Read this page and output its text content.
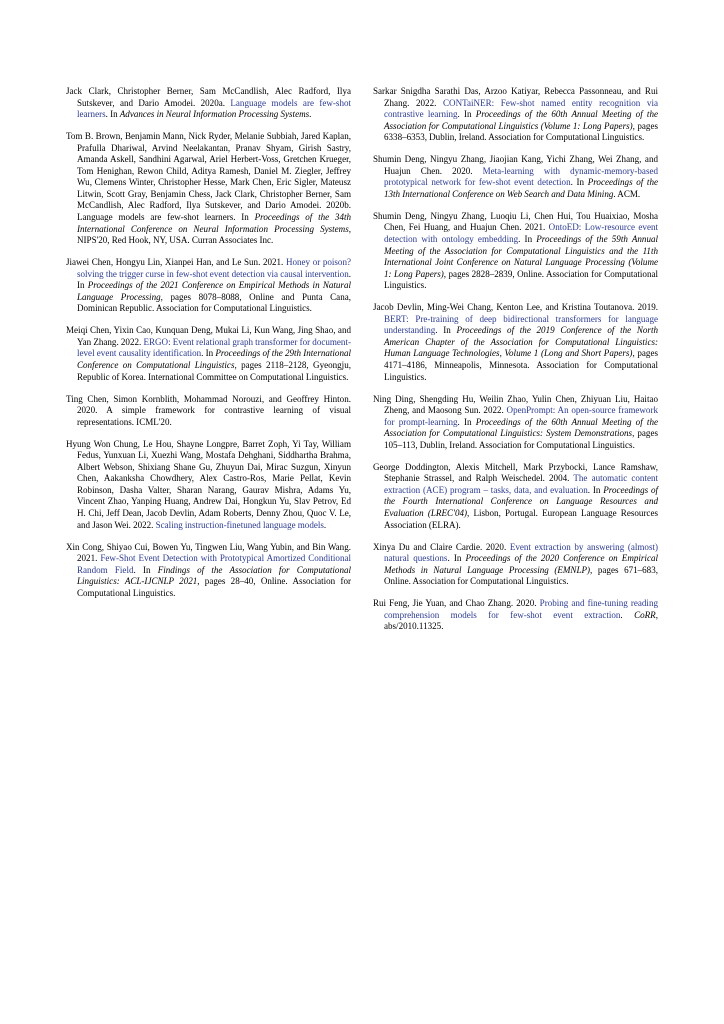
Jack Clark, Christopher Berner, Sam McCandlish, Alec Radford, Ilya Sutskever, and Dario Amodei. 2020a. Language models are few-shot learners. In Advances in Neural Information Processing Systems.

Tom B. Brown, Benjamin Mann, Nick Ryder, Melanie Subbiah, Jared Kaplan, Prafulla Dhariwal, Arvind Neelakantan, Pranav Shyam, Girish Sastry, Amanda Askell, Sandhini Agarwal, Ariel Herbert-Voss, Gretchen Krueger, Tom Henighan, Rewon Child, Aditya Ramesh, Daniel M. Ziegler, Jeffrey Wu, Clemens Winter, Christopher Hesse, Mark Chen, Eric Sigler, Mateusz Litwin, Scott Gray, Benjamin Chess, Jack Clark, Christopher Berner, Sam McCandlish, Alec Radford, Ilya Sutskever, and Dario Amodei. 2020b. Language models are few-shot learners. In Proceedings of the 34th International Conference on Neural Information Processing Systems, NIPS'20, Red Hook, NY, USA. Curran Associates Inc.

Jiawei Chen, Hongyu Lin, Xianpei Han, and Le Sun. 2021. Honey or poison? solving the trigger curse in few-shot event detection via causal intervention. In Proceedings of the 2021 Conference on Empirical Methods in Natural Language Processing, pages 8078–8088, Online and Punta Cana, Dominican Republic. Association for Computational Linguistics.

Meiqi Chen, Yixin Cao, Kunquan Deng, Mukai Li, Kun Wang, Jing Shao, and Yan Zhang. 2022. ERGO: Event relational graph transformer for document-level event causality identification. In Proceedings of the 29th International Conference on Computational Linguistics, pages 2118–2128, Gyeongju, Republic of Korea. International Committee on Computational Linguistics.

Ting Chen, Simon Kornblith, Mohammad Norouzi, and Geoffrey Hinton. 2020. A simple framework for contrastive learning of visual representations. ICML'20.

Hyung Won Chung, Le Hou, Shayne Longpre, Barret Zoph, Yi Tay, William Fedus, Yunxuan Li, Xuezhi Wang, Mostafa Dehghani, Siddhartha Brahma, Albert Webson, Shixiang Shane Gu, Zhuyun Dai, Mirac Suzgun, Xinyun Chen, Aakanksha Chowdhery, Alex Castro-Ros, Marie Pellat, Kevin Robinson, Dasha Valter, Sharan Narang, Gaurav Mishra, Adams Yu, Vincent Zhao, Yanping Huang, Andrew Dai, Hongkun Yu, Slav Petrov, Ed H. Chi, Jeff Dean, Jacob Devlin, Adam Roberts, Denny Zhou, Quoc V. Le, and Jason Wei. 2022. Scaling instruction-finetuned language models.

Xin Cong, Shiyao Cui, Bowen Yu, Tingwen Liu, Wang Yubin, and Bin Wang. 2021. Few-Shot Event Detection with Prototypical Amortized Conditional Random Field. In Findings of the Association for Computational Linguistics: ACL-IJCNLP 2021, pages 28–40, Online. Association for Computational Linguistics.

Sarkar Snigdha Sarathi Das, Arzoo Katiyar, Rebecca Passonneau, and Rui Zhang. 2022. CONTaiNER: Few-shot named entity recognition via contrastive learning. In Proceedings of the 60th Annual Meeting of the Association for Computational Linguistics (Volume 1: Long Papers), pages 6338–6353, Dublin, Ireland. Association for Computational Linguistics.

Shumin Deng, Ningyu Zhang, Jiaojian Kang, Yichi Zhang, Wei Zhang, and Huajun Chen. 2020. Meta-learning with dynamic-memory-based prototypical network for few-shot event detection. In Proceedings of the 13th International Conference on Web Search and Data Mining. ACM.

Shumin Deng, Ningyu Zhang, Luoqiu Li, Chen Hui, Tou Huaixiao, Mosha Chen, Fei Huang, and Huajun Chen. 2021. OntoED: Low-resource event detection with ontology embedding. In Proceedings of the 59th Annual Meeting of the Association for Computational Linguistics and the 11th International Joint Conference on Natural Language Processing (Volume 1: Long Papers), pages 2828–2839, Online. Association for Computational Linguistics.

Jacob Devlin, Ming-Wei Chang, Kenton Lee, and Kristina Toutanova. 2019. BERT: Pre-training of deep bidirectional transformers for language understanding. In Proceedings of the 2019 Conference of the North American Chapter of the Association for Computational Linguistics: Human Language Technologies, Volume 1 (Long and Short Papers), pages 4171–4186, Minneapolis, Minnesota. Association for Computational Linguistics.

Ning Ding, Shengding Hu, Weilin Zhao, Yulin Chen, Zhiyuan Liu, Haitao Zheng, and Maosong Sun. 2022. OpenPrompt: An open-source framework for prompt-learning. In Proceedings of the 60th Annual Meeting of the Association for Computational Linguistics: System Demonstrations, pages 105–113, Dublin, Ireland. Association for Computational Linguistics.

George Doddington, Alexis Mitchell, Mark Przybocki, Lance Ramshaw, Stephanie Strassel, and Ralph Weischedel. 2004. The automatic content extraction (ACE) program – tasks, data, and evaluation. In Proceedings of the Fourth International Conference on Language Resources and Evaluation (LREC'04), Lisbon, Portugal. European Language Resources Association (ELRA).

Xinya Du and Claire Cardie. 2020. Event extraction by answering (almost) natural questions. In Proceedings of the 2020 Conference on Empirical Methods in Natural Language Processing (EMNLP), pages 671–683, Online. Association for Computational Linguistics.

Rui Feng, Jie Yuan, and Chao Zhang. 2020. Probing and fine-tuning reading comprehension models for few-shot event extraction. CoRR, abs/2010.11325.
